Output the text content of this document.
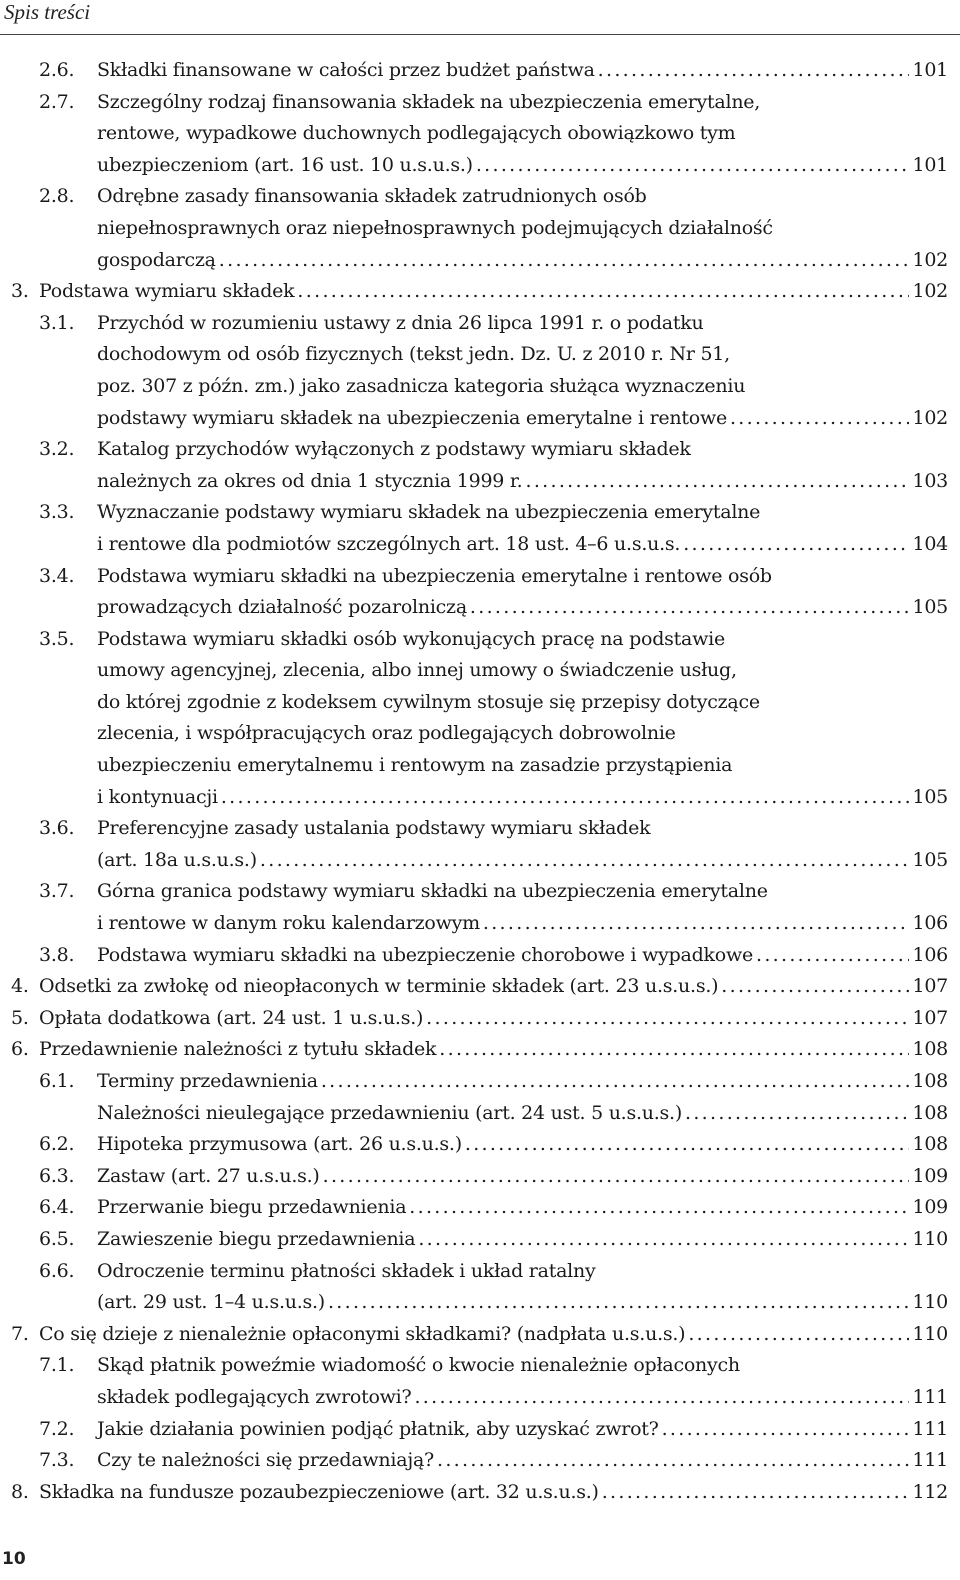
Spis treści
2.6.	Składki finansowane w całości przez budżet państwa .....	101
2.7.	Szczególny rodzaj finansowania składek na ubezpieczenia emerytalne,
rentowe, wypadkowe duchownych podlegających obowiązkowo tym
ubezpieczeniom (art. 16 ust. 10 u.s.u.s.) .....	101
2.8.	Odrębne zasady finansowania składek zatrudnionych osób
niepełnosprawnych oraz niepełnosprawnych podejmujących działalność
gospodarczą .....	102
3. Podstawa wymiaru składek .....	102
3.1.	Przychód w rozumieniu ustawy z dnia 26 lipca 1991 r. o podatku
dochodowym od osób fizycznych (tekst jedn. Dz. U. z 2010 r. Nr 51,
poz. 307 z późn. zm.) jako zasadnicza kategoria służąca wyznaczeniu
podstawy wymiaru składek na ubezpieczenia emerytalne i rentowe .....	102
3.2.	Katalog przychodów wyłączonych z podstawy wymiaru składek
należnych za okres od dnia 1 stycznia 1999 r. .....	103
3.3.	Wyznaczanie podstawy wymiaru składek na ubezpieczenia emerytalne
i rentowe dla podmiotów szczególnych art. 18 ust. 4–6 u.s.u.s. .....	104
3.4.	Podstawa wymiaru składki na ubezpieczenia emerytalne i rentowe osób
prowadzących działalność pozarolniczą .....	105
3.5.	Podstawa wymiaru składki osób wykonujących pracę na podstawie
umowy agencyjnej, zlecenia, albo innej umowy o świadczenie usług,
do której zgodnie z kodeksem cywilnym stosuje się przepisy dotyczące
zlecenia, i współpracujących oraz podlegających dobrowolnie
ubezpieczeniu emerytalnemu i rentowym na zasadzie przystąpienia
i kontynuacji .....	105
3.6.	Preferencyjne zasady ustalania podstawy wymiaru składek
(art. 18a u.s.u.s.) .....	105
3.7.	Górna granica podstawy wymiaru składki na ubezpieczenia emerytalne
i rentowe w danym roku kalendarzowym .....	106
3.8.	Podstawa wymiaru składki na ubezpieczenie chorobowe i wypadkowe .....	106
4. Odsetki za zwłokę od nieopłaconych w terminie składek (art. 23 u.s.u.s.) .....	107
5. Opłata dodatkowa (art. 24 ust. 1 u.s.u.s.) .....	107
6. Przedawnienie należności z tytułu składek .....	108
6.1.	Terminy przedawnienia .....	108
Należności nieulegające przedawnieniu (art. 24 ust. 5 u.s.u.s.) .....	108
6.2.	Hipoteka przymusowa (art. 26 u.s.u.s.) .....	108
6.3.	Zastaw (art. 27 u.s.u.s.) .....	109
6.4.	Przerwanie biegu przedawnienia .....	109
6.5.	Zawieszenie biegu przedawnienia .....	110
6.6.	Odroczenie terminu płatności składek i układ ratalny
(art. 29 ust. 1–4 u.s.u.s.) .....	110
7. Co się dzieje z nienależnie opłaconymi składkami? (nadpłata u.s.u.s.) .....	110
7.1.	Skąd płatnik poweźmie wiadomość o kwocie nienależnie opłaconych
składek podlegających zwrotowi? .....	111
7.2.	Jakie działania powinien podjąć płatnik, aby uzyskać zwrot? .....	111
7.3.	Czy te należności się przedawniają? .....	111
8. Składka na fundusze pozaubezpieczeniowe (art. 32 u.s.u.s.) .....	112
10
